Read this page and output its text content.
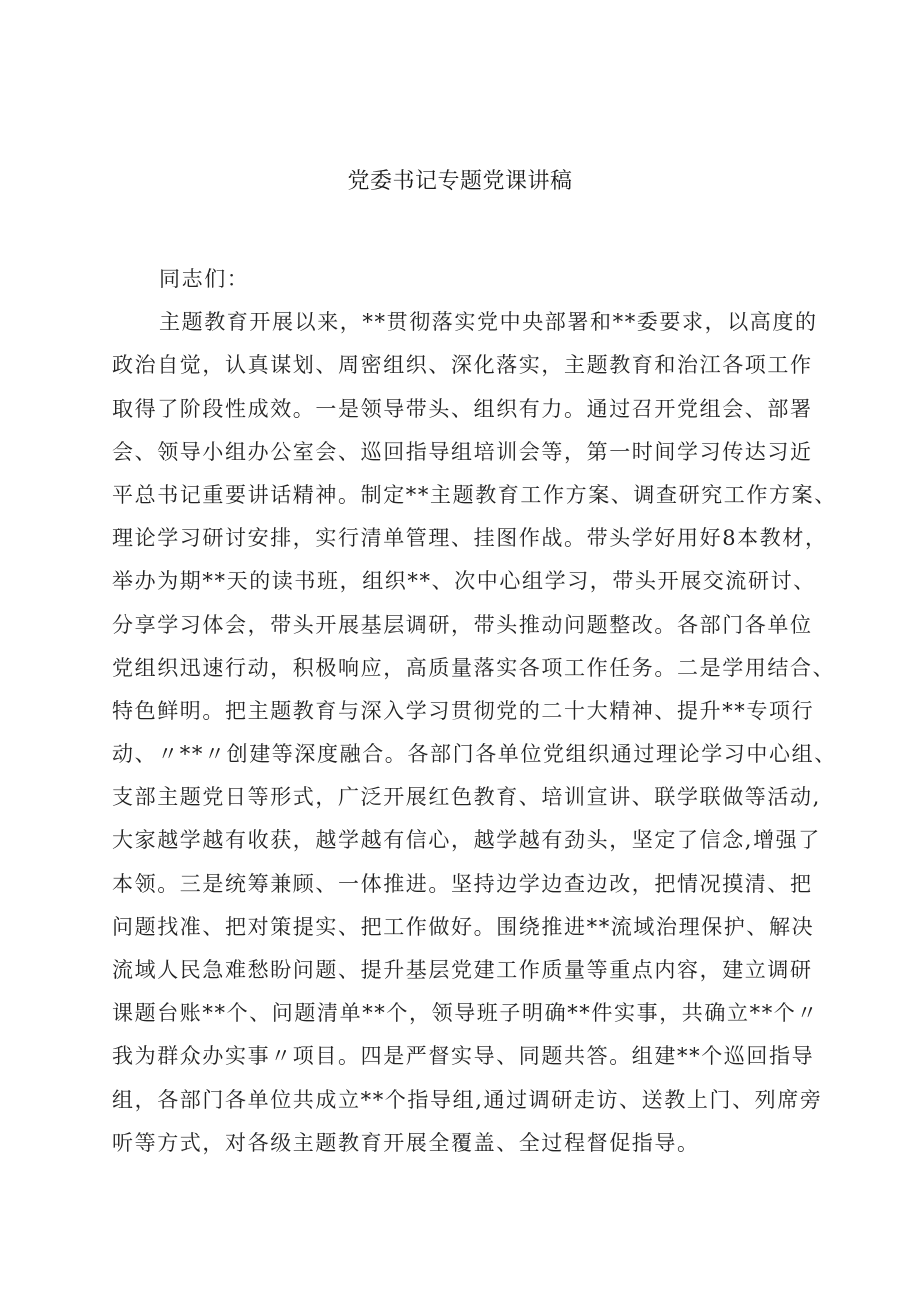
党委书记专题党课讲稿
同志们：
主题教育开展以来，**贯彻落实党中央部署和**委要求，以高度的
政治自觉，认真谋划、周密组织、深化落实，主题教育和治江各项工作
取得了阶段性成效。一是领导带头、组织有力。通过召开党组会、部署
会、领导小组办公室会、巡回指导组培训会等，第一时间学习传达习近
平总书记重要讲话精神。制定**主题教育工作方案、调查研究工作方案、
理论学习研讨安排，实行清单管理、挂图作战。带头学好用好8本教材，
举办为期**天的读书班，组织**、次中心组学习，带头开展交流研讨、
分享学习体会，带头开展基层调研，带头推动问题整改。各部门各单位
党组织迅速行动，积极响应，高质量落实各项工作任务。二是学用结合、
特色鲜明。把主题教育与深入学习贯彻党的二十大精神、提升**专项行
动、〃**〃创建等深度融合。各部门各单位党组织通过理论学习中心组、
支部主题党日等形式，广泛开展红色教育、培训宣讲、联学联做等活动,
大家越学越有收获，越学越有信心，越学越有劲头，坚定了信念,增强了
本领。三是统筹兼顾、一体推进。坚持边学边查边改，把情况摸清、把
问题找准、把对策提实、把工作做好。围绕推进**流域治理保护、解决
流域人民急难愁盼问题、提升基层党建工作质量等重点内容，建立调研
课题台账**个、问题清单**个，领导班子明确**件实事，共确立**个〃
我为群众办实事〃项目。四是严督实导、同题共答。组建**个巡回指导
组，各部门各单位共成立**个指导组,通过调研走访、送教上门、列席旁
听等方式，对各级主题教育开展全覆盖、全过程督促指导。
